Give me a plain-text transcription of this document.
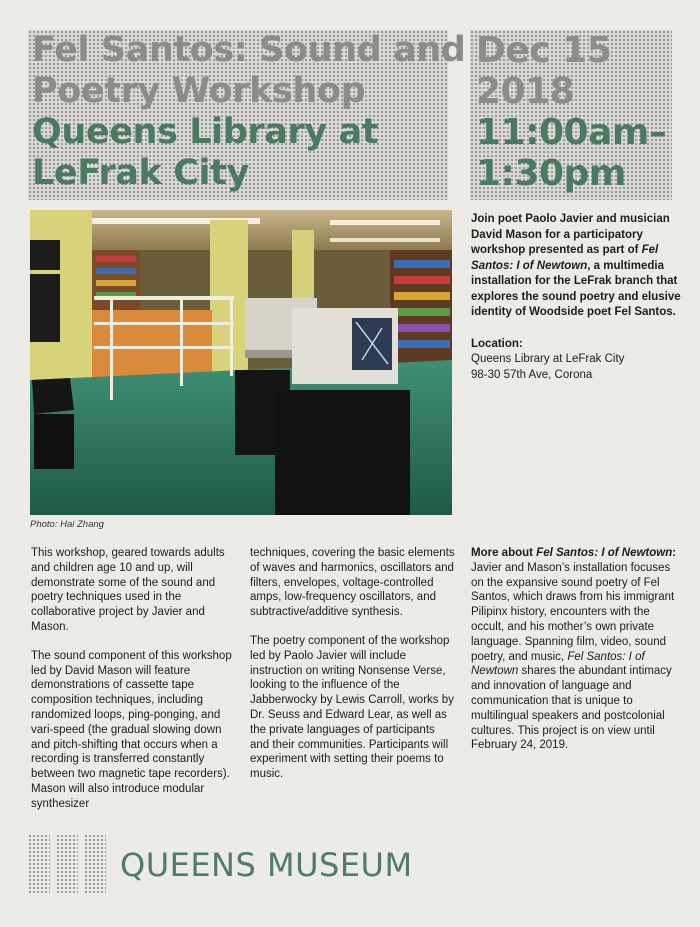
Fel Santos: Sound and
Poetry Workshop
Queens Library at
LeFrak City
Dec 15
2018
11:00am–
1:30pm
Photo: Hai Zhang

Join poet Paolo Javier and musician David Mason for a participatory workshop presented as part of Fel Santos: I of Newtown, a multimedia installation for the LeFrak branch that explores the sound poetry and elusive identity of Woodside poet Fel Santos.

Location:

Queens Library at LeFrak City

98-30 57th Ave, Corona

This workshop, geared towards adults and children age 10 and up, will demonstrate some of the sound and poetry techniques used in the collaborative project by Javier and Mason.

The sound component of this workshop led by David Mason will feature demonstrations of cassette tape composition techniques, including randomized loops, ping-ponging, and vari-speed (the gradual slowing down and pitch-shifting that occurs when a recording is transferred constantly between two magnetic tape recorders). Mason will also introduce modular synthesizer

techniques, covering the basic elements of waves and harmonics, oscillators and filters, envelopes, voltage-controlled amps, low-frequency oscillators, and subtractive/additive synthesis.

The poetry component of the workshop led by Paolo Javier will include instruction on writing Nonsense Verse, looking to the influence of the Jabberwocky by Lewis Carroll, works by Dr. Seuss and Edward Lear, as well as the private languages of participants and their communities. Participants will experiment with setting their poems to music.

More about Fel Santos: I of Newtown:

Javier and Mason’s installation focuses on the expansive sound poetry of Fel Santos, which draws from his immigrant Pilipinx history, encounters with the occult, and his mother’s own private language. Spanning film, video, sound poetry, and music, Fel Santos: I of Newtown shares the abundant intimacy and innovation of language and communication that is unique to multilingual speakers and postcolonial cultures. This project is on view until February 24, 2019.

QUEENS MUSEUM
